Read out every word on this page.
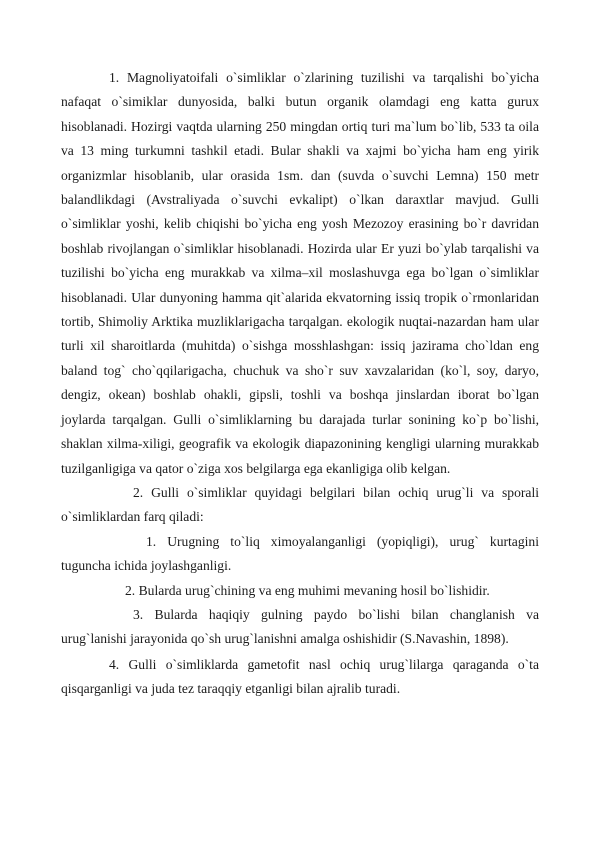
1. Magnoliyatoifali o`simliklar o`zlarining tuzilishi va tarqalishi bo`yicha nafaqat o`simiklar dunyosida, balki butun organik olamdagi eng katta gurux hisoblanadi. Hozirgi vaqtda ularning 250 mingdan ortiq turi ma`lum bo`lib, 533 ta oila va 13 ming turkumni tashkil etadi. Bular shakli va xajmi bo`yicha ham eng yirik organizmlar hisoblanib, ular orasida 1sm. dan (suvda o`suvchi Lemna) 150 metr balandlikdagi (Avstraliyada o`suvchi evkalipt) o`lkan daraxtlar mavjud. Gulli o`simliklar yoshi, kelib chiqishi bo`yicha eng yosh Mezozoy erasining bo`r davridan boshlab rivojlangan o`simliklar hisoblanadi. Hozirda ular Er yuzi bo`ylab tarqalishi va tuzilishi bo`yicha eng murakkab va xilma–xil moslashuvga ega bo`lgan o`simliklar hisoblanadi. Ular dunyoning hamma qit`alarida ekvatorning issiq tropik o`rmonlaridan tortib, Shimoliy Arktika muzliklarigacha tarqalgan. ekologik nuqtai-nazardan ham ular turli xil sharoitlarda (muhitda) o`sishga mosshlashgan: issiq jazirama cho`ldan eng baland tog` cho`qqilarigacha, chuchuk va sho`r suv xavzalaridan (ko`l, soy, daryo, dengiz, okean) boshlab ohakli, gipsli, toshli va boshqa jinslardan iborat bo`lgan joylarda tarqalgan. Gulli o`simliklarning bu darajada turlar sonining ko`p bo`lishi, shaklan xilma-xiligi, geografik va ekologik diapazonining kengligi ularning murakkab tuzilganligiga va qator o`ziga xos belgilarga ega ekanligiga olib kelgan.

2. Gulli o`simliklar quyidagi belgilari bilan ochiq urug`li va sporali o`simliklardan farq qiladi:

1. Urugning to`liq ximoyalanganligi (yopiqligi), urug` kurtagini tuguncha ichida joylashganligi.

2. Bularda urug`chining va eng muhimi mevaning hosil bo`lishidir.

3. Bularda haqiqiy gulning paydo bo`lishi bilan changlanish va urug`lanishi jarayonida qo`sh urug`lanishni amalga oshishidir (S.Navashin, 1898).

4. Gulli o`simliklarda gametofit nasl ochiq urug`lilarga qaraganda o`ta qisqarganligi va juda tez taraqqiy etganligi bilan ajralib turadi.
